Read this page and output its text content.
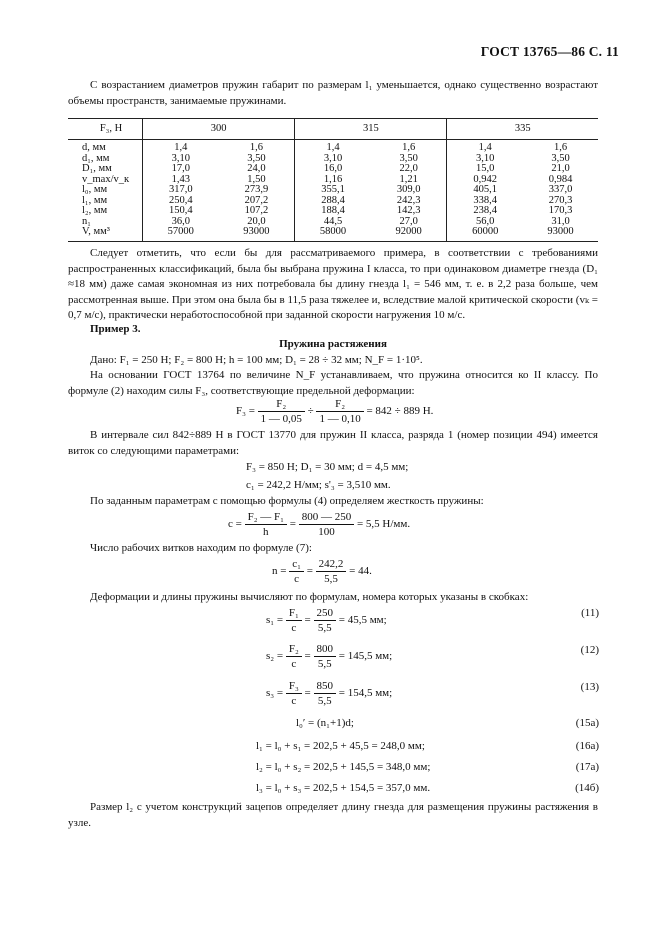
ГОСТ 13765—86 С. 11
С возрастанием диаметров пружин габарит по размерам l₁ уменьшается, однако существенно возрастают объемы пространств, занимаемые пружинами.
F₃, Н	300		315		335	
d, мм	1,4	1,6	1,4	1,6	1,4	1,6
d₁, мм	3,10	3,50	3,10	3,50	3,10	3,50
D₁, мм	17,0	24,0	16,0	22,0	15,0	21,0
v_max/v_к	1,43	1,50	1,16	1,21	0,942	0,984
l₀, мм	317,0	273,9	355,1	309,0	405,1	337,0
l₁, мм	250,4	207,2	288,4	242,3	338,4	270,3
l₂, мм	150,4	107,2	188,4	142,3	238,4	170,3
n₁	36,0	20,0	44,5	27,0	56,0	31,0
V, мм³	57000	93000	58000	92000	60000	93000
Следует отметить, что если бы для рассматриваемого примера, в соответствии с требованиями распространенных классификаций, была бы выбрана пружина I класса, то при одинаковом диаметре гнезда (D₁ ≈18 мм) даже самая экономная из них потребовала бы длину гнезда l₁ = 546 мм, т. е. в 2,2 раза больше, чем рассмотренная выше. При этом она была бы в 11,5 раза тяжелее и, вследствие малой критической скорости (vₖ = 0,7 м/с), практически неработоспособной при заданной скорости нагружения 10 м/с.
Пример 3.
Пружина растяжения
Дано: F₁ = 250 Н; F₂ = 800 Н; h = 100 мм; D₁ = 28 ÷ 32 мм; N_F = 1·10⁵.
На основании ГОСТ 13764 по величине N_F устанавливаем, что пружина относится ко II классу. По формуле (2) находим силы F₃, соответствующие предельной деформации:
$F_3 = \frac{\text{F₂}}{1 — 0,05} \div \frac{\text{F₂}}{1 — 0,10} = 842 \div 889$ Н.
В интервале сил 842÷889 Н в ГОСТ 13770 для пружин II класса, разряда 1 (номер позиции 494) имеется виток со следующими параметрами:
F₃ = 850 Н; D₁ = 30 мм; d = 4,5 мм;
c₁ = 242,2 Н/мм; s'₃ = 3,510 мм.
По заданным параметрам с помощью формулы (4) определяем жесткость пружины:
$c = \frac{\text{F₂ — F₁}}{h} = \frac{800 — 250}{100} = 5,5$ Н/мм.
Число рабочих витков находим по формуле (7):
$n = \frac{\text{c₁}}{c} = \frac{242,2}{5,5} = 44$.
Деформации и длины пружины вычисляют по формулам, номера которых указаны в скобках:
$s_1 = \frac{\text{F₁}}{c} = \frac{250}{5,5} = 45,5$ мм;
(11)
$s_2 = \frac{\text{F₂}}{c} = \frac{800}{5,5} = 145,5$ мм;
(12)
$s_3 = \frac{\text{F₃}}{c} = \frac{850}{5,5} = 154,5$ мм;
(13)
l₀′ = (n₁+1)d;	(15а)
l₁ = l₀ + s₁ = 202,5 + 45,5 = 248,0 мм;	(16а)
l₂ = l₀ + s₂ = 202,5 + 145,5 = 348,0 мм;	(17а)
l₃ = l₀ + s₃ = 202,5 + 154,5 = 357,0 мм.	(14б)
Размер l₂ с учетом конструкций зацепов определяет длину гнезда для размещения пружины растяжения в узле.
